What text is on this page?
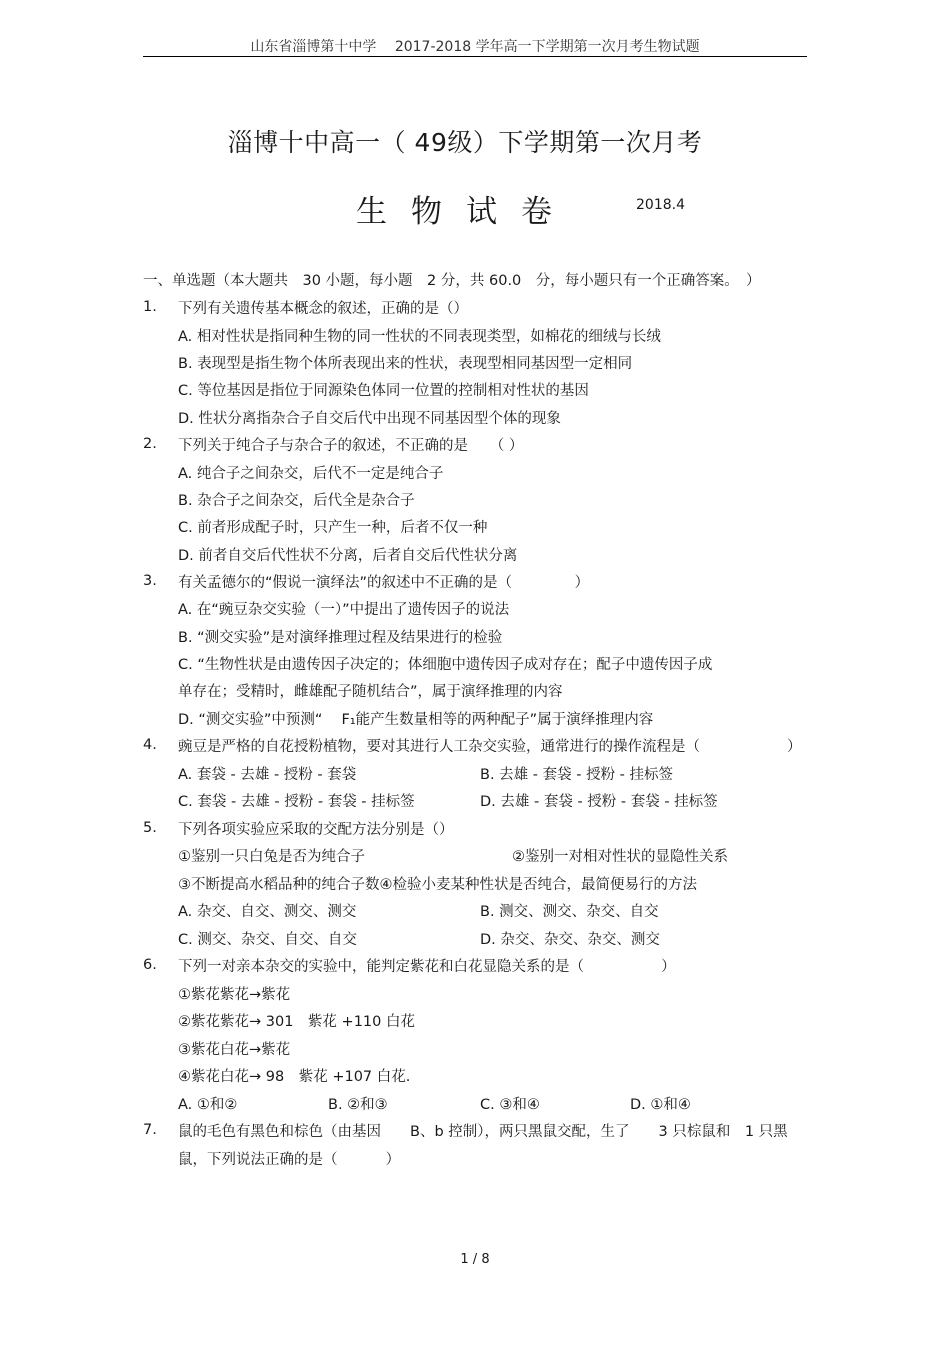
山东省淄博第十中学　 2017-2018 学年高一下学期第一次月考生物试题
淄博十中高一（ 49级）下学期第一次月考
生物试卷	2018.4
一、单选题（本大题共　30 小题，每小题　2 分，共 60.0　分，每小题只有一个正确答案。　）
1. 下列有关遗传基本概念的叙述，正确的是（）
A. 相对性状是指同种生物的同一性状的不同表现类型，如棉花的细绒与长绒
B. 表现型是指生物个体所表现出来的性状，表现型相同基因型一定相同
C. 等位基因是指位于同源染色体同一位置的控制相对性状的基因
D. 性状分离指杂合子自交后代中出现不同基因型个体的现象
2. 下列关于纯合子与杂合子的叙述，不正确的是　　（ ）
A. 纯合子之间杂交，后代不一定是纯合子
B. 杂合子之间杂交，后代全是杂合子
C. 前者形成配子时，只产生一种，后者不仅一种
D. 前者自交后代性状不分离，后者自交后代性状分离
3. 有关孟德尔的“假说一演绎法”的叙述中不正确的是（　　　　 ）
A. 在“豌豆杂交实验（一）”中提出了遗传因子的说法
B. “测交实验”是对演绎推理过程及结果进行的检验
C. “生物性状是由遗传因子决定的；体细胞中遗传因子成对存在；配子中遗传因子成
单存在；受精时，雌雄配子随机结合”，属于演绎推理的内容
D. “测交实验”中预测“　 F₁能产生数量相等的两种配子”属于演绎推理内容
4. 豌豆是严格的自花授粉植物，要对其进行人工杂交实验，通常进行的操作流程是（　　　　　　）
A. 套袋 - 去雄 - 授粉 - 套袋	B. 去雄 - 套袋 - 授粉 - 挂标签
C. 套袋 - 去雄 - 授粉 - 套袋 - 挂标签	D. 去雄 - 套袋 - 授粉 - 套袋 - 挂标签
5. 下列各项实验应采取的交配方法分别是（）
①鉴别一只白兔是否为纯合子	②鉴别一对相对性状的显隐性关系
③不断提高水稻品种的纯合子数④检验小麦某种性状是否纯合，最简便易行的方法
A. 杂交、自交、测交、测交	B. 测交、测交、杂交、自交
C. 测交、杂交、自交、自交	D. 杂交、杂交、杂交、测交
6. 下列一对亲本杂交的实验中，能判定紫花和白花显隐关系的是（　　　　　 ）
①紫花紫花→紫花
②紫花紫花→ 301　紫花 +110 白花
③紫花白花→紫花
④紫花白花→ 98　紫花 +107 白花.
A. ①和②	B. ②和③	C. ③和④	D. ①和④
7. 鼠的毛色有黑色和棕色（由基因　　B、b 控制），两只黑鼠交配，生了　　3 只棕鼠和　1 只黑
鼠，下列说法正确的是（　　　 ）
1 / 8
